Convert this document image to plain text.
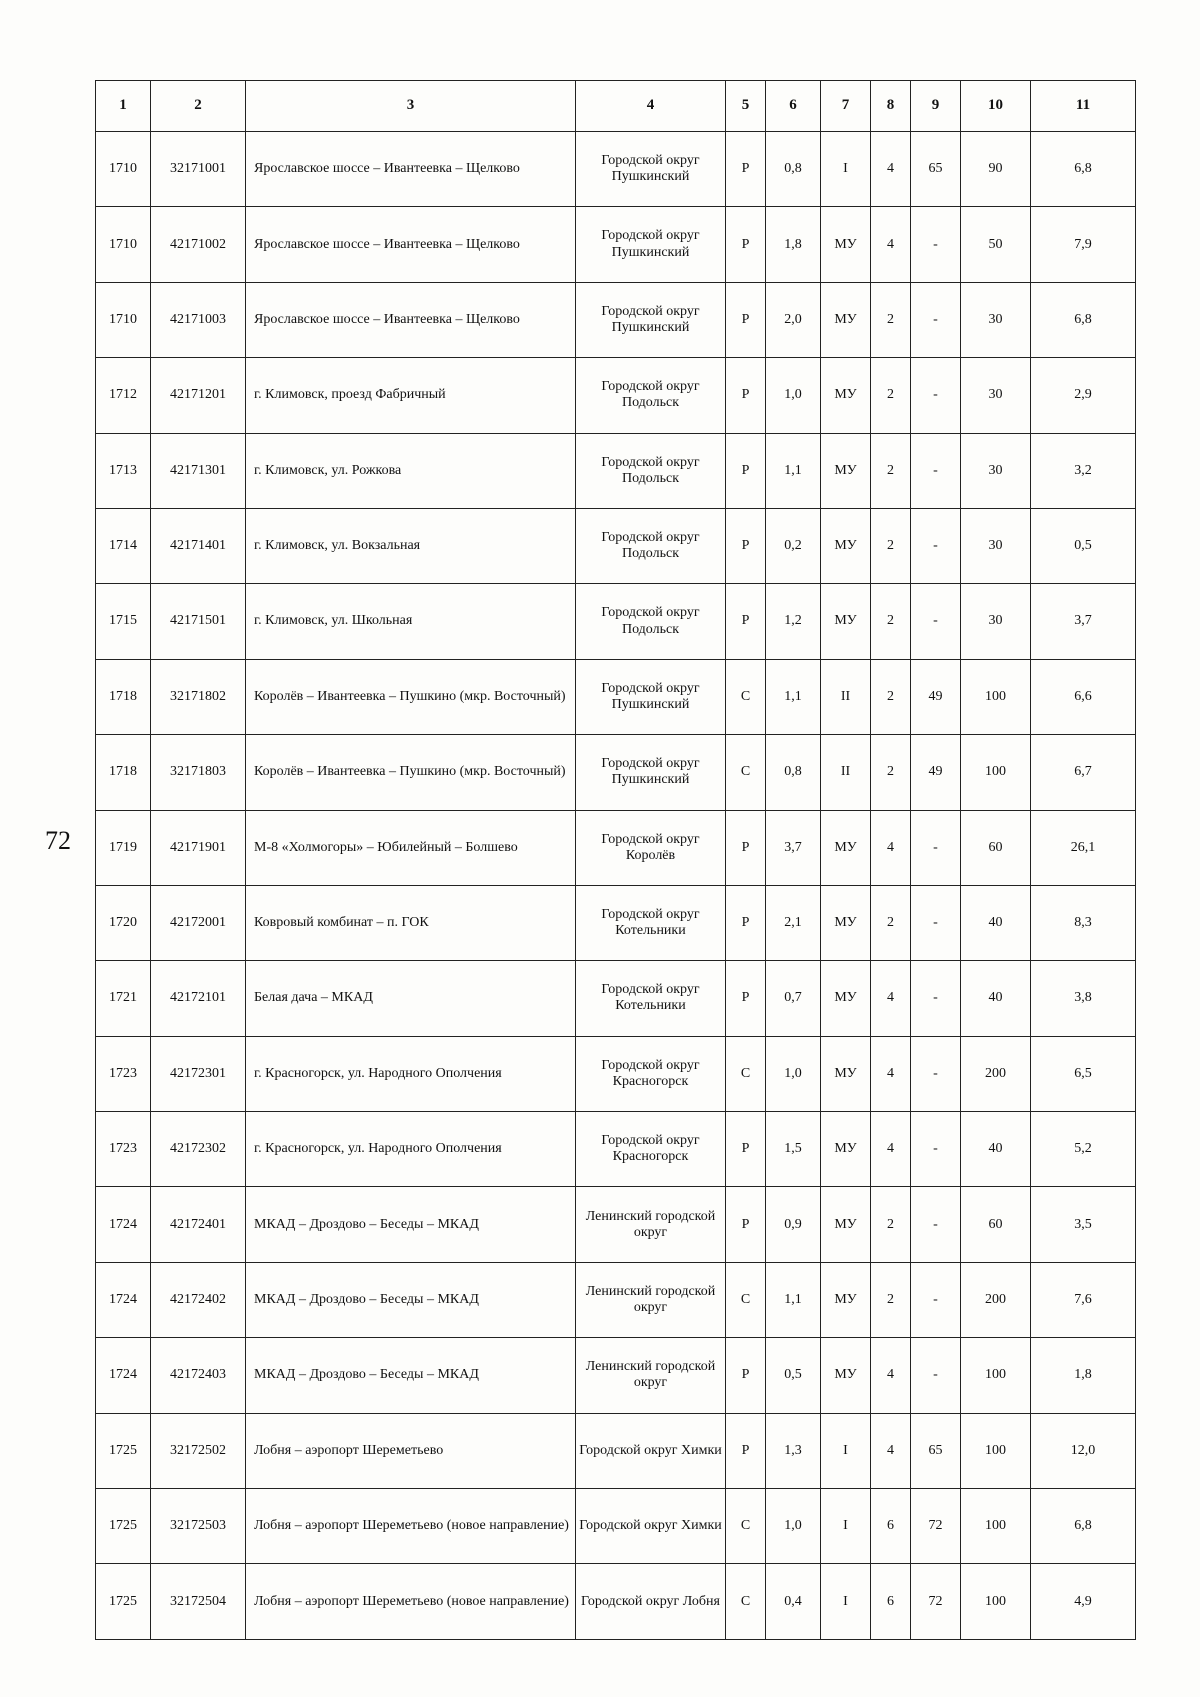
72
1	2	3	4	5	6	7	8	9	10	11
1710	32171001	Ярославское шоссе – Ивантеевка – Щелково	Городской округ Пушкинский	Р	0,8	I	4	65	90	6,8
1710	42171002	Ярославское шоссе – Ивантеевка – Щелково	Городской округ Пушкинский	Р	1,8	МУ	4	-	50	7,9
1710	42171003	Ярославское шоссе – Ивантеевка – Щелково	Городской округ Пушкинский	Р	2,0	МУ	2	-	30	6,8
1712	42171201	г. Климовск, проезд Фабричный	Городской округ Подольск	Р	1,0	МУ	2	-	30	2,9
1713	42171301	г. Климовск, ул. Рожкова	Городской округ Подольск	Р	1,1	МУ	2	-	30	3,2
1714	42171401	г. Климовск, ул. Вокзальная	Городской округ Подольск	Р	0,2	МУ	2	-	30	0,5
1715	42171501	г. Климовск, ул. Школьная	Городской округ Подольск	Р	1,2	МУ	2	-	30	3,7
1718	32171802	Королёв – Ивантеевка – Пушкино (мкр. Восточный)	Городской округ Пушкинский	С	1,1	II	2	49	100	6,6
1718	32171803	Королёв – Ивантеевка – Пушкино (мкр. Восточный)	Городской округ Пушкинский	С	0,8	II	2	49	100	6,7
1719	42171901	М-8 «Холмогоры» – Юбилейный – Болшево	Городской округ Королёв	Р	3,7	МУ	4	-	60	26,1
1720	42172001	Ковровый комбинат – п. ГОК	Городской округ Котельники	Р	2,1	МУ	2	-	40	8,3
1721	42172101	Белая дача – МКАД	Городской округ Котельники	Р	0,7	МУ	4	-	40	3,8
1723	42172301	г. Красногорск, ул. Народного Ополчения	Городской округ Красногорск	С	1,0	МУ	4	-	200	6,5
1723	42172302	г. Красногорск, ул. Народного Ополчения	Городской округ Красногорск	Р	1,5	МУ	4	-	40	5,2
1724	42172401	МКАД – Дроздово – Беседы – МКАД	Ленинский городской округ	Р	0,9	МУ	2	-	60	3,5
1724	42172402	МКАД – Дроздово – Беседы – МКАД	Ленинский городской округ	С	1,1	МУ	2	-	200	7,6
1724	42172403	МКАД – Дроздово – Беседы – МКАД	Ленинский городской округ	Р	0,5	МУ	4	-	100	1,8
1725	32172502	Лобня – аэропорт Шереметьево	Городской округ Химки	Р	1,3	I	4	65	100	12,0
1725	32172503	Лобня – аэропорт Шереметьево (новое направление)	Городской округ Химки	С	1,0	I	6	72	100	6,8
1725	32172504	Лобня – аэропорт Шереметьево (новое направление)	Городской округ Лобня	С	0,4	I	6	72	100	4,9
